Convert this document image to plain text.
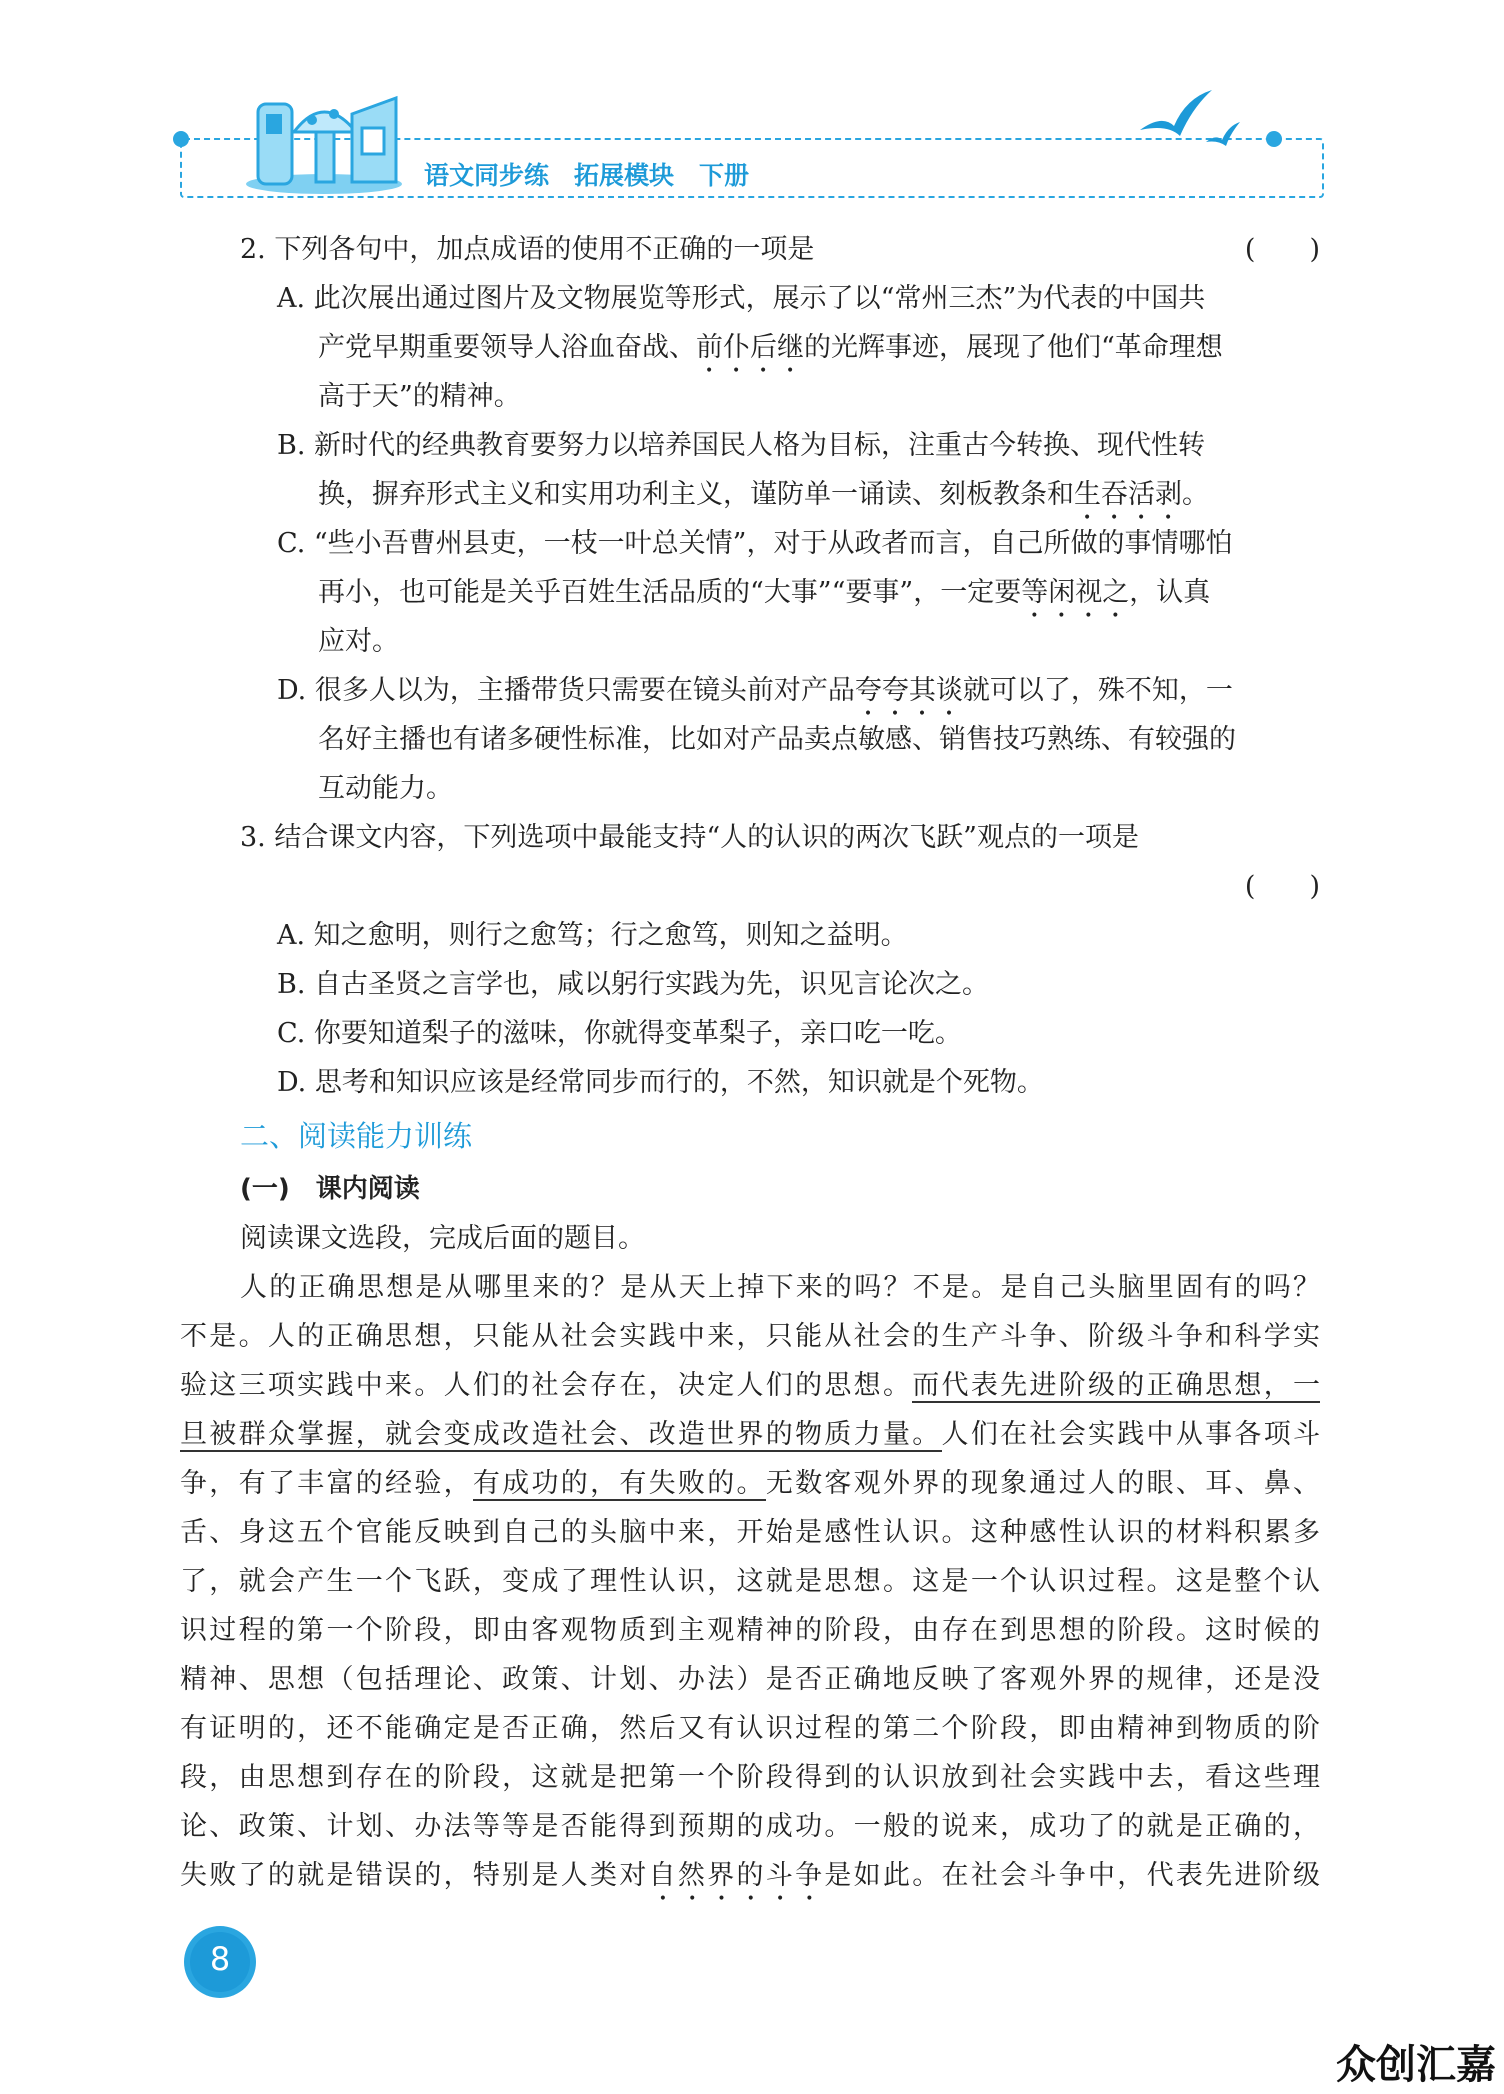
语文同步练　拓展模块　下册
2. 下列各句中，加点成语的使用不正确的一项是	(　　)
A. 此次展出通过图片及文物展览等形式，展示了以“常州三杰”为代表的中国共
产党早期重要领导人浴血奋战、前仆后继的光辉事迹，展现了他们“革命理想
高于天”的精神。
B. 新时代的经典教育要努力以培养国民人格为目标，注重古今转换、现代性转
换，摒弃形式主义和实用功利主义，谨防单一诵读、刻板教条和生吞活剥。
C. “些小吾曹州县吏，一枝一叶总关情”，对于从政者而言，自己所做的事情哪怕
再小，也可能是关乎百姓生活品质的“大事”“要事”，一定要等闲视之，认真
应对。
D. 很多人以为，主播带货只需要在镜头前对产品夸夸其谈就可以了，殊不知，一
名好主播也有诸多硬性标准，比如对产品卖点敏感、销售技巧熟练、有较强的
互动能力。
3. 结合课文内容，下列选项中最能支持“人的认识的两次飞跃”观点的一项是
(　　)
A. 知之愈明，则行之愈笃；行之愈笃，则知之益明。
B. 自古圣贤之言学也，咸以躬行实践为先，识见言论次之。
C. 你要知道梨子的滋味，你就得变革梨子，亲口吃一吃。
D. 思考和知识应该是经常同步而行的，不然，知识就是个死物。
二、阅读能力训练
(一)　课内阅读
阅读课文选段，完成后面的题目。
人的正确思想是从哪里来的？是从天上掉下来的吗？不是。是自己头脑里固有的吗？
不是。人的正确思想，只能从社会实践中来，只能从社会的生产斗争、阶级斗争和科学实
验这三项实践中来。人们的社会存在，决定人们的思想。而代表先进阶级的正确思想，一
旦被群众掌握，就会变成改造社会、改造世界的物质力量。人们在社会实践中从事各项斗
争，有了丰富的经验，有成功的，有失败的。无数客观外界的现象通过人的眼、耳、鼻、
舌、身这五个官能反映到自己的头脑中来，开始是感性认识。这种感性认识的材料积累多
了，就会产生一个飞跃，变成了理性认识，这就是思想。这是一个认识过程。这是整个认
识过程的第一个阶段，即由客观物质到主观精神的阶段，由存在到思想的阶段。这时候的
精神、思想（包括理论、政策、计划、办法）是否正确地反映了客观外界的规律，还是没
有证明的，还不能确定是否正确，然后又有认识过程的第二个阶段，即由精神到物质的阶
段，由思想到存在的阶段，这就是把第一个阶段得到的认识放到社会实践中去，看这些理
论、政策、计划、办法等等是否能得到预期的成功。一般的说来，成功了的就是正确的，
失败了的就是错误的，特别是人类对自然界的斗争是如此。在社会斗争中，代表先进阶级
8
众创汇嘉
